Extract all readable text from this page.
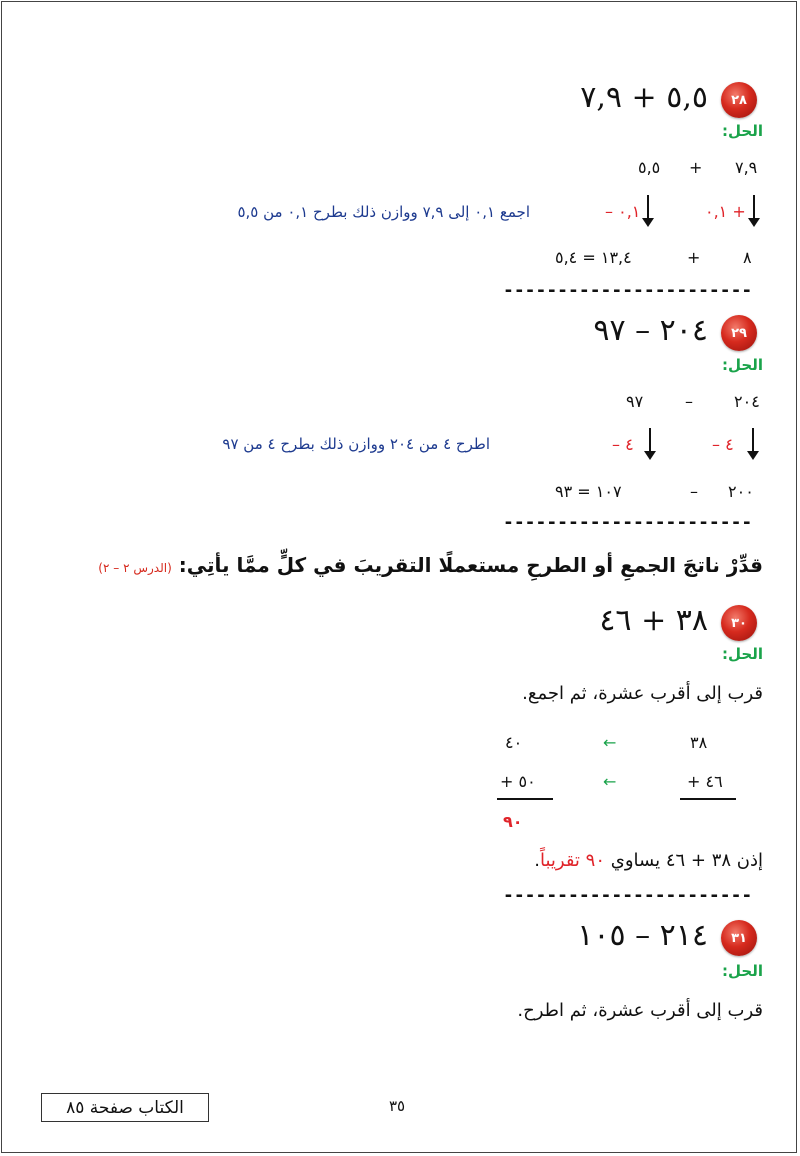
٢٨
٥,٥ + ٧,٩
الحل:
٥,٥ + ٧,٩
٠,١ –	+ ٠,١
اجمع ٠,١ إلى ٧,٩ ووازن ذلك بطرح ٠,١ من ٥,٥
١٣,٤ = ٥,٤	+	٨
-----------------------
٢٩
٢٠٤ – ٩٧
الحل:
٩٧	–	٢٠٤
٤ –	٤ –
اطرح ٤ من ٢٠٤ ووازن ذلك بطرح ٤ من ٩٧
١٠٧ = ٩٣	– ٢٠٠
-----------------------
قدِّرْ ناتجَ الجمعِ أو الطرحِ مستعملًا التقريبَ في كلٍّ ممَّا يأتِي: (الدرس ٢ – ٢)
٣٠
٣٨ + ٤٦
الحل:
قرب إلى أقرب عشرة، ثم اجمع.
٤٠	←	٣٨
٥٠ +	←	٤٦ +
٩٠
إذن ٣٨ + ٤٦ يساوي ٩٠ تقريباً.
-----------------------
٣١
٢١٤ – ١٠٥
الحل:
قرب إلى أقرب عشرة، ثم اطرح.
الكتاب صفحة ٨٥	٣٥
